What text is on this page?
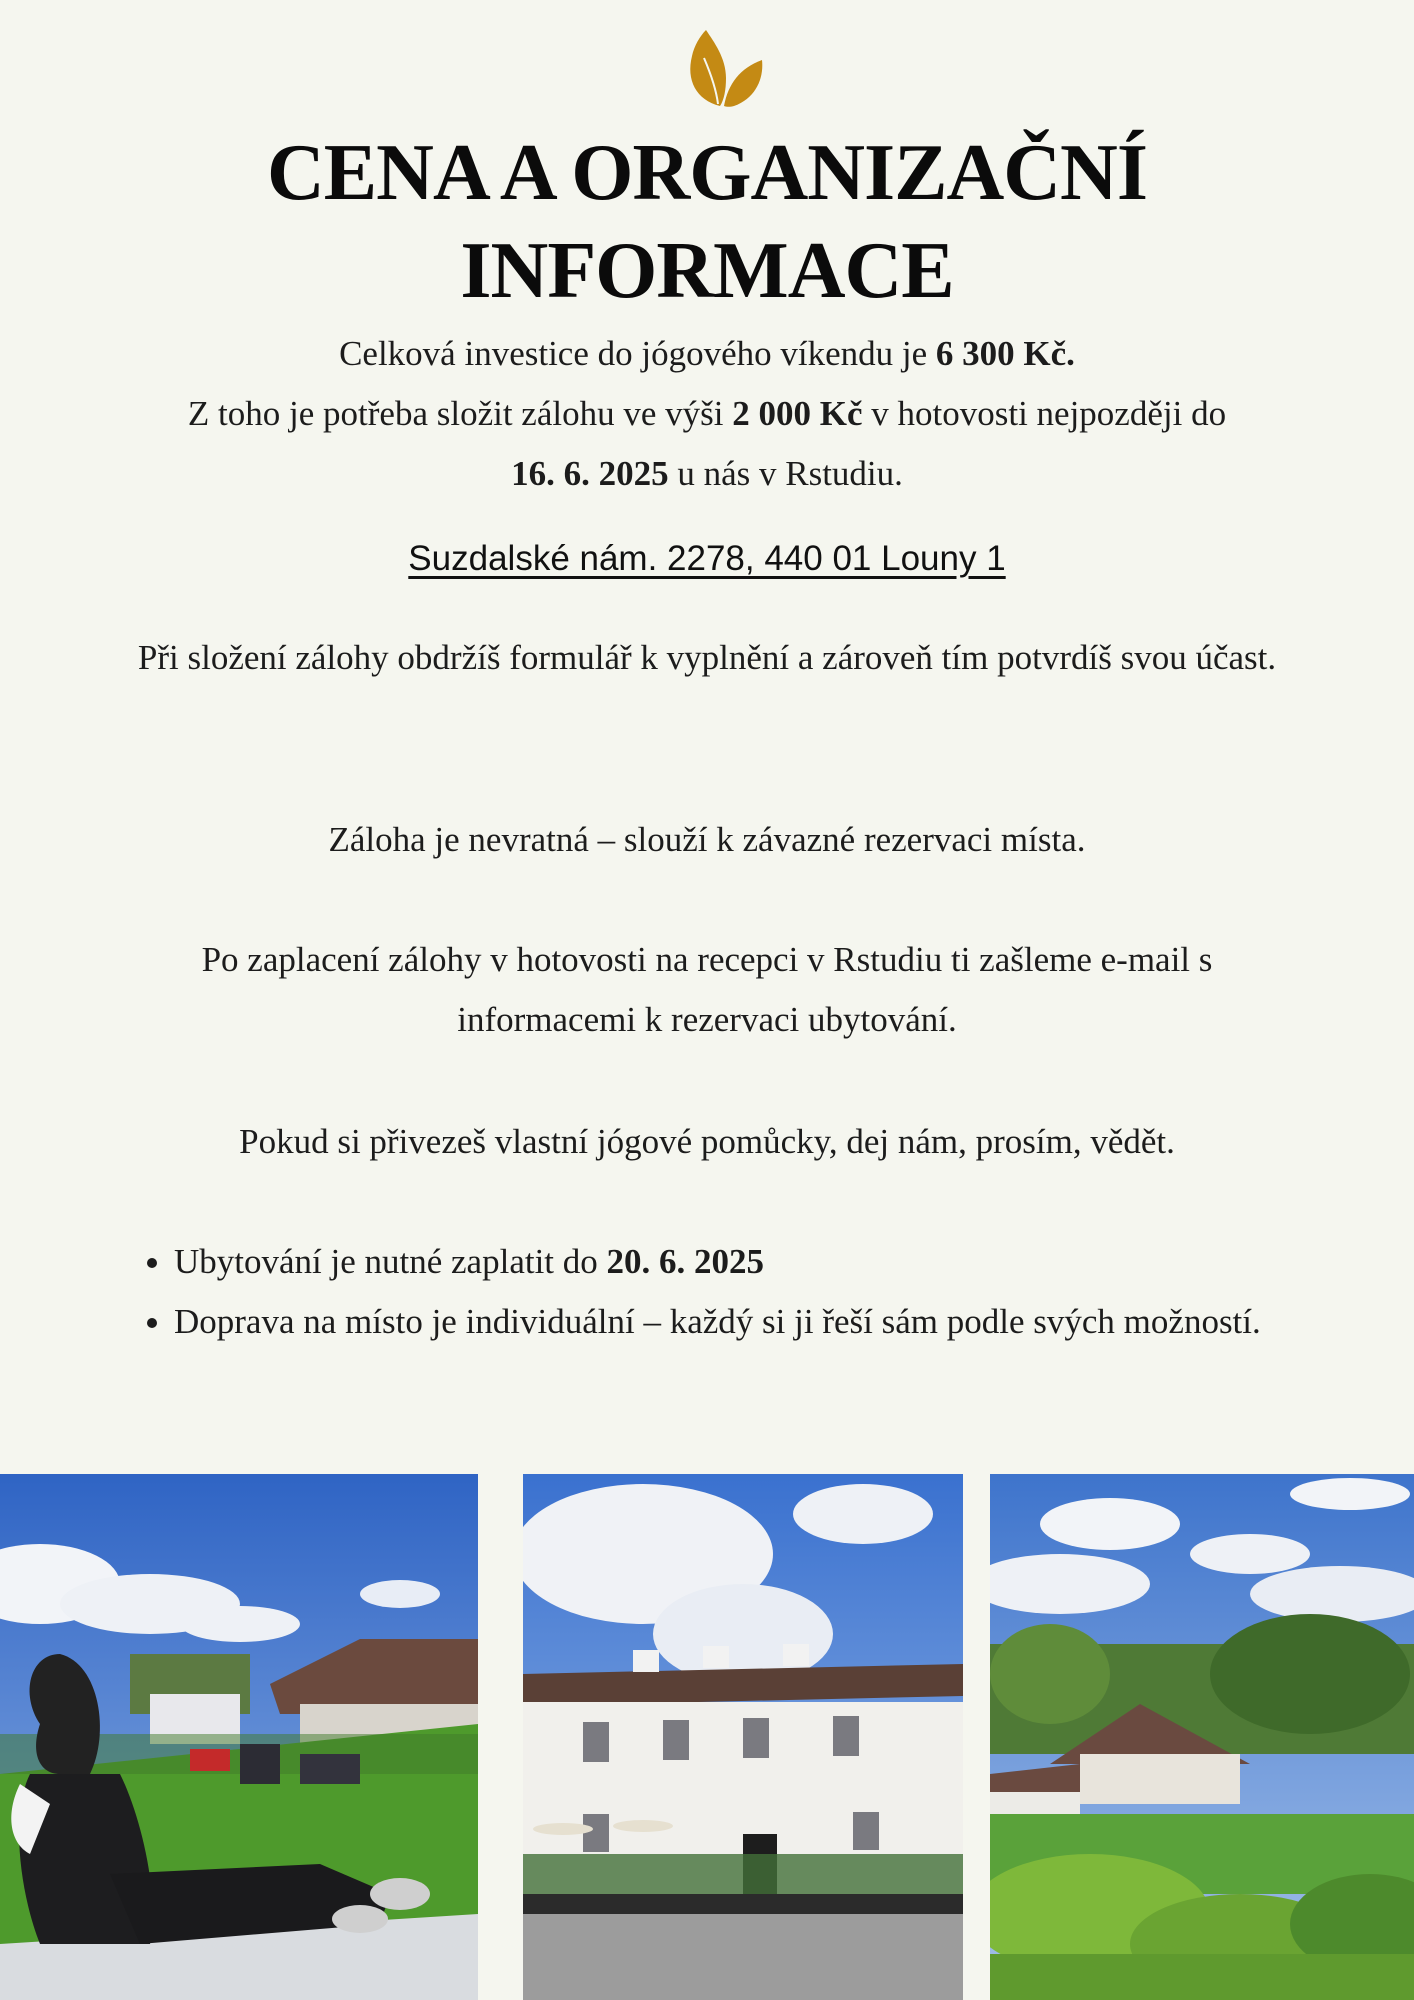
CENA A ORGANIZAČNÍ
INFORMACE
Celková investice do jógového víkendu je 6 300 Kč.
Z toho je potřeba složit zálohu ve výši 2 000 Kč v hotovosti nejpozději do
16. 6. 2025 u nás v Rstudiu.
Suzdalské nám. 2278, 440 01 Louny 1
Při složení zálohy obdržíš formulář k vyplnění a zároveň tím potvrdíš svou účast.
Záloha je nevratná – slouží k závazné rezervaci místa.
Po zaplacení zálohy v hotovosti na recepci v Rstudiu ti zašleme e-mail s informacemi k rezervaci ubytování.
Pokud si přivezeš vlastní jógové pomůcky, dej nám, prosím, vědět.
• Ubytování je nutné zaplatit do 20. 6. 2025
• Doprava na místo je individuální – každý si ji řeší sám podle svých možností.
